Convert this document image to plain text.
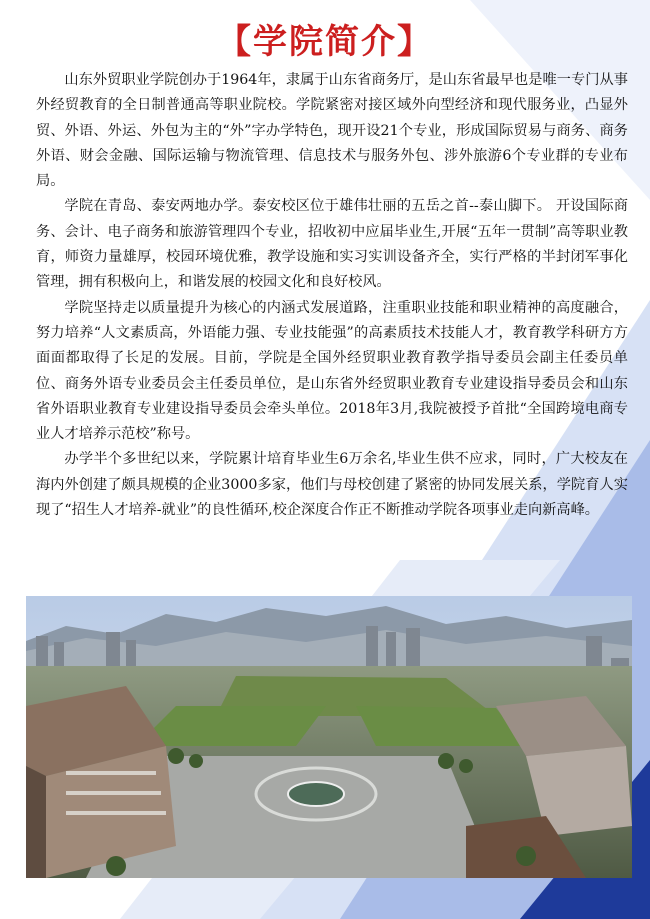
【学院简介】

山东外贸职业学院创办于1964年，隶属于山东省商务厅，是山东省最早也是唯一专门从事外经贸教育的全日制普通高等职业院校。学院紧密对接区域外向型经济和现代服务业，凸显外贸、外语、外运、外包为主的“外”字办学特色，现开设21个专业，形成国际贸易与商务、商务外语、财会金融、国际运输与物流管理、信息技术与服务外包、涉外旅游6个专业群的专业布局。

学院在青岛、泰安两地办学。泰安校区位于雄伟壮丽的五岳之首--泰山脚下。 开设国际商务、会计、电子商务和旅游管理四个专业，招收初中应届毕业生,开展“五年一贯制”高等职业教育，师资力量雄厚，校园环境优雅，教学设施和实习实训设备齐全，实行严格的半封闭军事化管理，拥有积极向上，和谐发展的校园文化和良好校风。

学院坚持走以质量提升为核心的内涵式发展道路，注重职业技能和职业精神的高度融合，努力培养“人文素质高，外语能力强、专业技能强”的高素质技术技能人才，教育教学科研方方面面都取得了长足的发展。目前，学院是全国外经贸职业教育教学指导委员会副主任委员单位、商务外语专业委员会主任委员单位，是山东省外经贸职业教育专业建设指导委员会和山东省外语职业教育专业建设指导委员会牵头单位。2018年3月,我院被授予首批“全国跨境电商专业人才培养示范校”称号。

办学半个多世纪以来，学院累计培育毕业生6万余名,毕业生供不应求，同时，广大校友在海内外创建了颇具规模的企业3000多家，他们与母校创建了紧密的协同发展关系，学院育人实现了“招生人才培养-就业”的良性循环,校企深度合作正不断推动学院各项事业走向新高峰。
